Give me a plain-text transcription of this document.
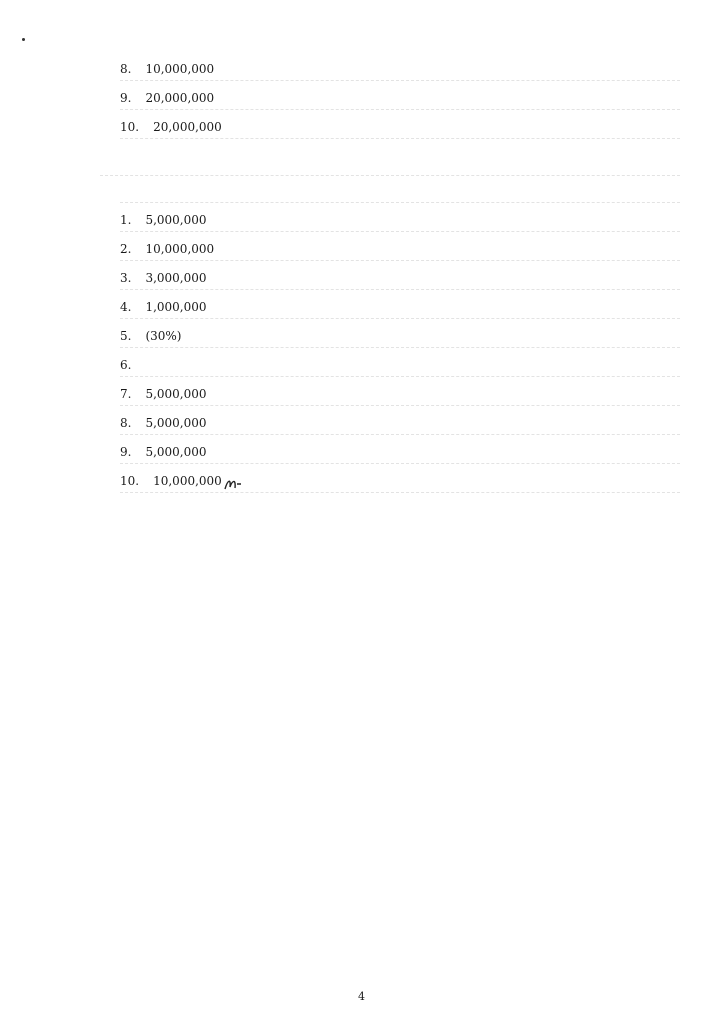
8. 10,000,000
9. 20,000,000
10. 20,000,000
1. 5,000,000
2. 10,000,000
3. 3,000,000
4. 1,000,000
5. (30%)
6.
7. 5,000,000
8. 5,000,000
9. 5,000,000
10. 10,000,000
4
